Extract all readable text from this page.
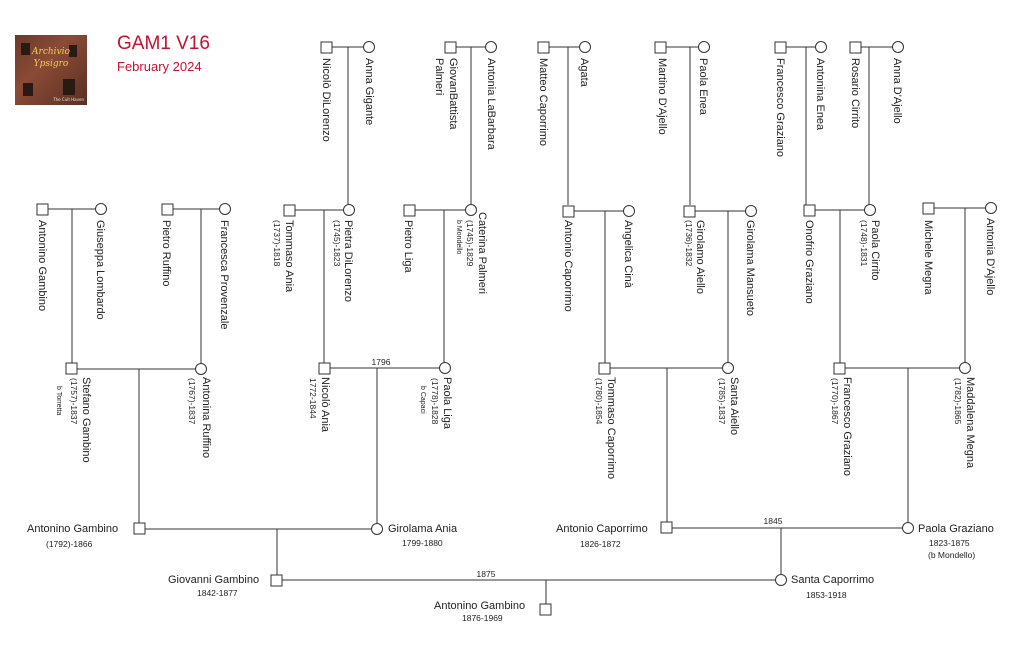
Archivio
Ypsigro
The Cult Haven
GAM1 V16
February 2024
1796
1845
1875
Nicolò DiLorenzo	Anna Gigante	GiovanBattista
Palmeri	Antonia LaBarbara	Matteo Caporrimo	Agata	Martino D'Ajello	Paola Enea	Francesco Graziano	Antonina Enea Rosario Cirrito	Anna D'Ajello
Antonino Gambino	Giuseppa Lombardo	Pietro Ruffino	Francesca Provenzale	Tommaso Ania
(1737)-1818	Pietra DiLorenzo
(1745)-1823	Pietro Liga	Caterina Palmeri
(1745)-1829
b Mondello	Antonio Caporrimo	Angelica Cinà	Girolamo Aiello
(1736)-1832	Girolama Mansueto	Onofrio Graziano	Paola Cirrito
(1748)-1831	Michele Megna	Antonia D'Ajello
Stefano Gambino
(1757)-1837
b Torretta	Antonina Ruffino
(1767)-1837	Nicolò Ania
1772-1844	Paola Liga
(1778)-1828
b Capaci	Tommaso Caporrimo
(1780)-1854	Santa Aiello
(1785)-1837	Francesco Graziano
(1770)-1867	Maddalena Megna
(1782)-1865
Antonino Gambino
(1792)-1866
Girolama Ania
1799-1880
Antonio Caporrimo
1826-1872
Paola Graziano
1823-1875
(b Mondello)
Giovanni Gambino
1842-1877
Santa Caporrimo
1853-1918
Antonino Gambino
1876-1969
